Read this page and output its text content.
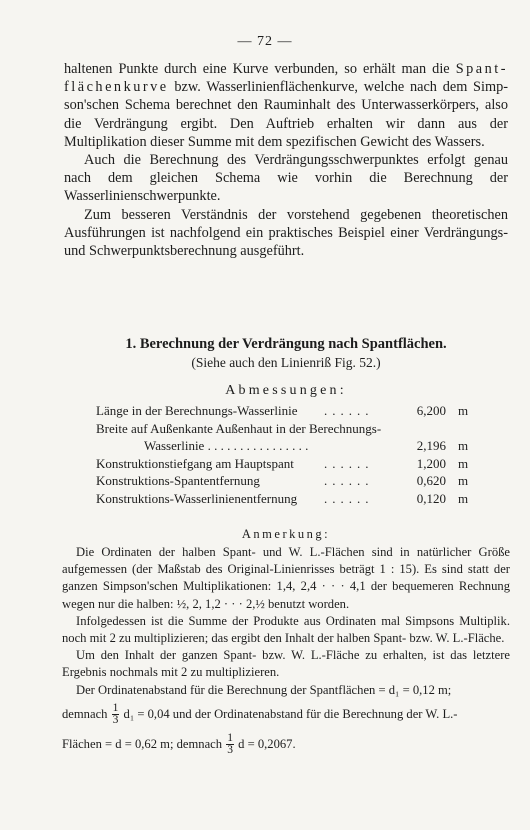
— 72 —

haltenen Punkte durch eine Kurve verbunden, so erhält man die Spant- flächenkurve bzw. Wasserlinienflächenkurve, welche nach dem Simp- son'schen Schema berechnet den Rauminhalt des Unterwasserkörpers, also die Verdrängung ergibt. Den Auftrieb erhalten wir dann aus der Multiplikation dieser Summe mit dem spezifischen Gewicht des Wassers.

Auch die Berechnung des Verdrängungsschwerpunktes erfolgt genau nach dem gleichen Schema wie vorhin die Berechnung der Wasserlinienschwerpunkte.

Zum besseren Verständnis der vorstehend gegebenen theoretischen Ausführungen ist nachfolgend ein praktisches Beispiel einer Verdrängungs- und Schwerpunktsberechnung ausgeführt.

1. Berechnung der Verdrängung nach Spantflächen.
(Siehe auch den Linienriß Fig. 52.)
Abmessungen:
Länge in der Berechnungs-Wasserlinie ......	6,200 m
Breite auf Außenkante Außenhaut in der Berechnungs-
Wasserlinie . . . . . . . . . . . . . . . .	2,196 m
Konstruktionstiefgang am Hauptspant ......	1,200 m
Konstruktions-Spantentfernung	......	0,620 m
Konstruktions-Wasserlinienentfernung ......	0,120 m
Anmerkung:

Die Ordinaten der halben Spant- und W. L.-Flächen sind in natürlicher Größe aufgemessen (der Maßstab des Original-Linienrisses beträgt 1 : 15). Es sind statt der ganzen Simpson'schen Multiplikationen: 1,4, 2,4 · · · 4,1 der bequemeren Rechnung wegen nur die halben: ½, 2, 1,2 · · · 2,½ benutzt worden.

Infolgedessen ist die Summe der Produkte aus Ordinaten mal Simpsons Multiplik. noch mit 2 zu multiplizieren; das ergibt den Inhalt der halben Spant- bzw. W. L.-Fläche.

Um den Inhalt der ganzen Spant- bzw. W. L.-Fläche zu erhalten, ist das letztere Ergebnis nochmals mit 2 zu multiplizieren.

Der Ordinatenabstand für die Berechnung der Spantflächen = d₁ = 0,12 m;

demnach $\frac{1}{3} d_1 = 0,04$ und der Ordinatenabstand für die Berechnung der W. L.-

Flächen = d = 0,62 m; demnach $\frac{1}{3}$ d = 0,2067.
